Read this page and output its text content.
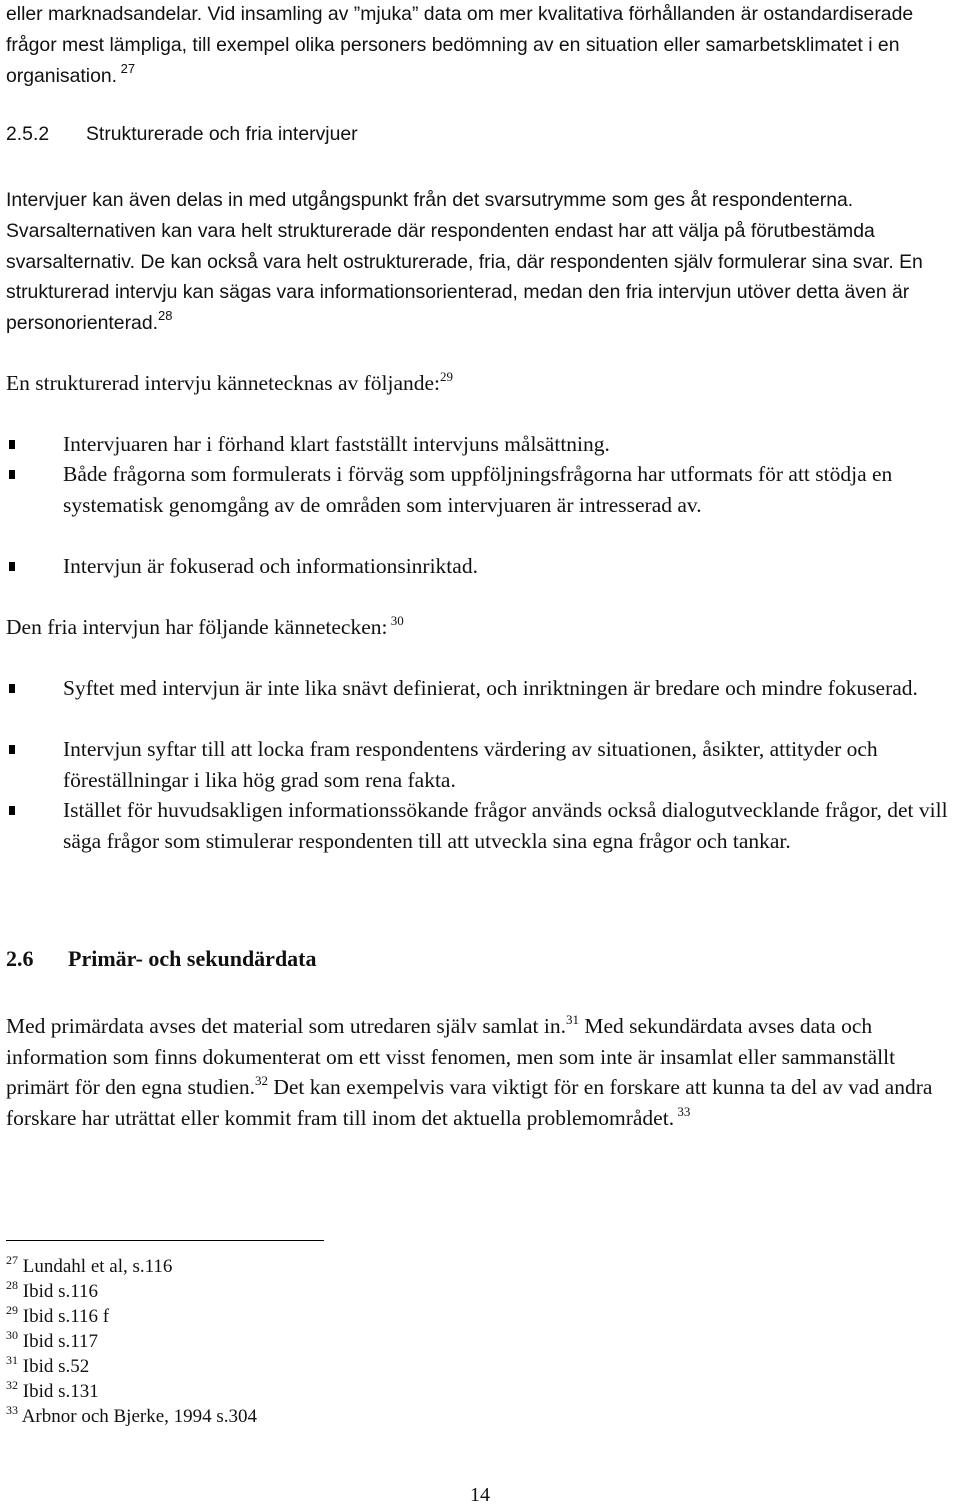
eller marknadsandelar. Vid insamling av ”mjuka” data om mer kvalitativa förhållanden är ostandardiserade frågor mest lämpliga, till exempel olika personers bedömning av en situation eller samarbetsklimatet i en organisation. $^{27}$
2.5.2 Strukturerade och fria intervjuer
Intervjuer kan även delas in med utgångspunkt från det svarsutrymme som ges åt respondenterna. Svarsalternativen kan vara helt strukturerade där respondenten endast har att välja på förutbestämda svarsalternativ. De kan också vara helt ostrukturerade, fria, där respondenten själv formulerar sina svar. En strukturerad intervju kan sägas vara informationsorienterad, medan den fria intervjun utöver detta även är personorienterad.$^{28}$
En strukturerad intervju kännetecknas av följande:$^{29}$
Intervjuaren har i förhand klart fastställt intervjuns målsättning.
Både frågorna som formulerats i förväg som uppföljningsfrågorna har utformats för att stödja en systematisk genomgång av de områden som intervjuaren är intresserad av.
Intervjun är fokuserad och informationsinriktad.
Den fria intervjun har följande kännetecken: $^{30}$
Syftet med intervjun är inte lika snävt definierat, och inriktningen är bredare och mindre fokuserad.
Intervjun syftar till att locka fram respondentens värdering av situationen, åsikter, attityder och föreställningar i lika hög grad som rena fakta.
Istället för huvudsakligen informationssökande frågor används också dialogutvecklande frågor, det vill säga frågor som stimulerar respondenten till att utveckla sina egna frågor och tankar.
2.6 Primär- och sekundärdata
Med primärdata avses det material som utredaren själv samlat in.$^{31}$ Med sekundärdata avses data och information som finns dokumenterat om ett visst fenomen, men som inte är insamlat eller sammanställt primärt för den egna studien.$^{32}$ Det kan exempelvis vara viktigt för en forskare att kunna ta del av vad andra forskare har uträttat eller kommit fram till inom det aktuella problemområdet. $^{33}$
$^{27}$ Lundahl et al, s.116
$^{28}$ Ibid s.116
$^{29}$ Ibid s.116 f
$^{30}$ Ibid s.117
$^{31}$ Ibid s.52
$^{32}$ Ibid s.131
$^{33}$ Arbnor och Bjerke, 1994 s.304
14
